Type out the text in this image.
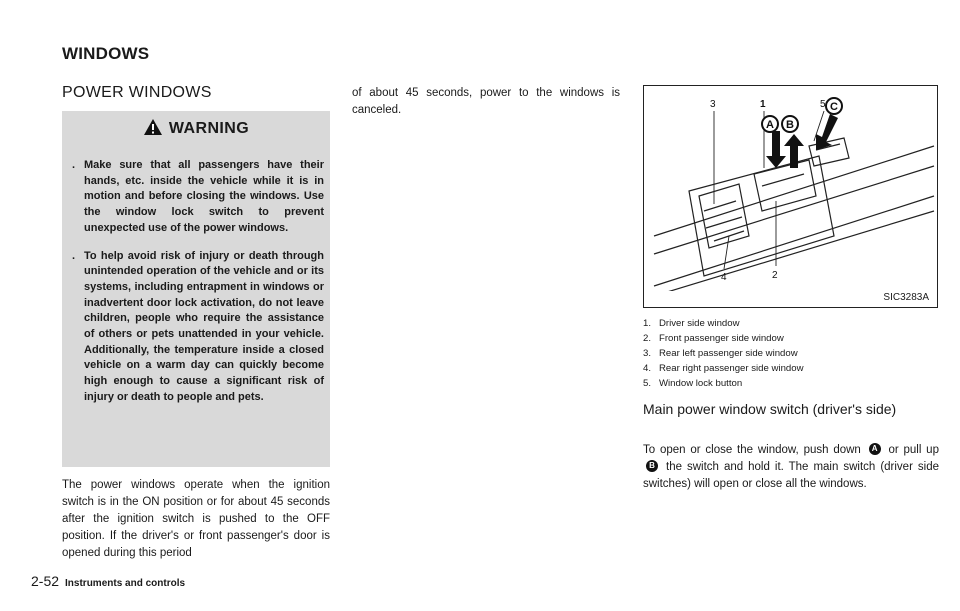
WINDOWS
POWER WINDOWS
WARNING
. Make sure that all passengers have their hands, etc. inside the vehicle while it is in motion and before closing the windows. Use the window lock switch to prevent unexpected use of the power windows.
. To help avoid risk of injury or death through unintended operation of the vehicle and or its systems, including entrapment in windows or inadvertent door lock activation, do not leave children, people who require the assistance of others or pets unattended in your vehicle. Additionally, the temperature inside a closed vehicle on a warm day can quickly become high enough to cause a significant risk of injury or death to people and pets.

The power windows operate when the ignition switch is in the ON position or for about 45 seconds after the ignition switch is pushed to the OFF position. If the driver's or front passenger's door is opened during this period

of about 45 seconds, power to the windows is canceled.	3	1	5
4	2
A B
C
SIC3283A
1. Driver side window
2. Front passenger side window
3. Rear left passenger side window
4. Rear right passenger side window
5. Window lock button
Main power window switch (driver's side)

To open or close the window, push down A or pull up B the switch and hold it. The main switch (driver side switches) will open or close all the windows.

2-52 Instruments and controls
